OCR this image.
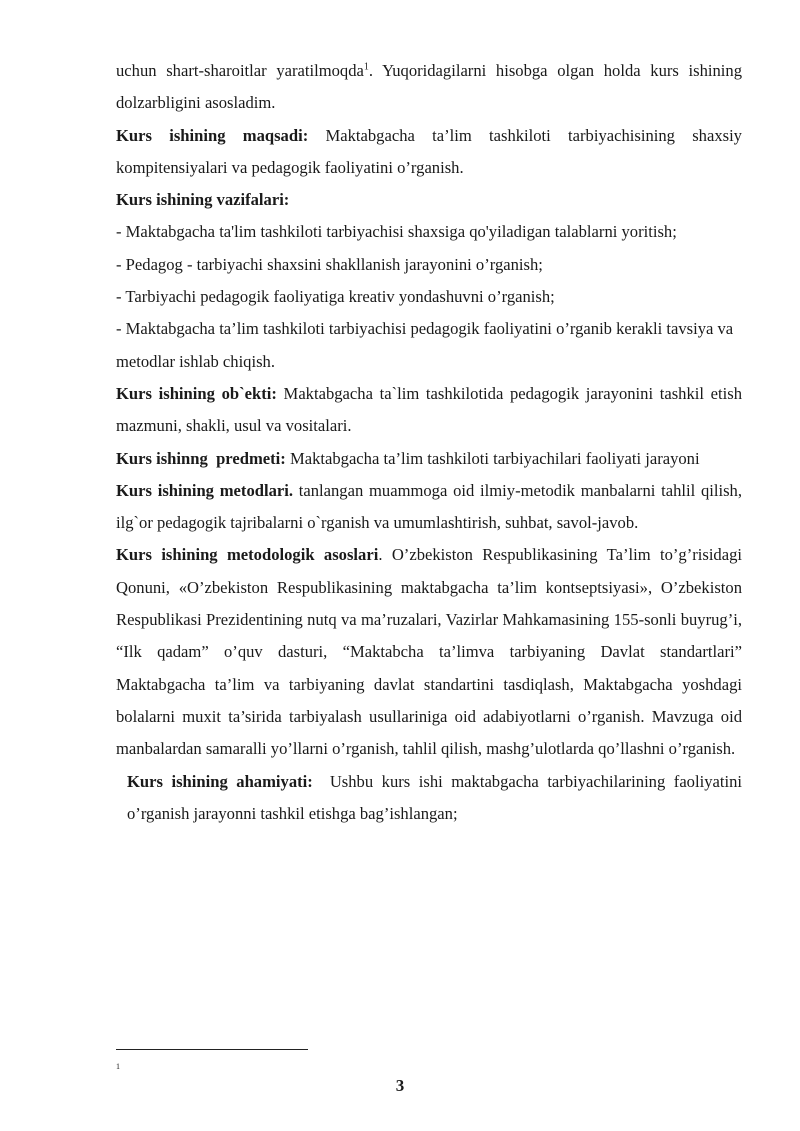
uchun shart-sharoitlar yaratilmoqda$^1$. Yuqoridagilarni hisobga olgan holda kurs ishining dolzarbligini asosladim.

Kurs ishining maqsadi: Maktabgacha ta’lim tashkiloti tarbiyachisining shaxsiy kompitensiyalari va pedagogik faoliyatini o’rganish.

Kurs ishining vazifalari:

- Maktabgacha ta'lim tashkiloti tarbiyachisi shaxsiga qo'yiladigan talablarni yoritish;

- Pedagog - tarbiyachi shaxsini shakllanish jarayonini o’rganish;

- Tarbiyachi pedagogik faoliyatiga kreativ yondashuvni o’rganish;

- Maktabgacha ta’lim tashkiloti tarbiyachisi pedagogik faoliyatini o’rganib kerakli tavsiya va metodlar ishlab chiqish.

Kurs ishining ob`ekti: Maktabgacha ta`lim tashkilotida pedagogik jarayonini tashkil etish mazmuni, shakli, usul va vositalari.

Kurs ishinng  predmeti: Maktabgacha ta’lim tashkiloti tarbiyachilari faoliyati jarayoni

Kurs ishining metodlari. tanlangan muammoga oid ilmiy-metodik manbalarni tahlil qilish, ilg`or pedagogik tajribalarni o`rganish va umumlashtirish, suhbat, savol-javob.

Kurs ishining metodologik asoslari. O’zbekiston Respublikasining Ta’lim to’g’risidagi Qonuni, «O’zbekiston Respublikasining maktabgacha ta’lim kontseptsiyasi», O’zbekiston Respublikasi Prezidentining nutq va ma’ruzalari, Vazirlar Mahkamasining 155-sonli buyrug’i, “Ilk qadam” o’quv dasturi, “Maktabcha ta’limva tarbiyaning Davlat standartlari” Maktabgacha ta’lim va tarbiyaning davlat standartini tasdiqlash, Maktabgacha yoshdagi bolalarni muxit ta’sirida tarbiyalash usullariniga oid adabiyotlarni o’rganish. Mavzuga oid manbalardan samaralli yo’llarni o’rganish, tahlil qilish, mashg’ulotlarda qo’llashni o’rganish.

Kurs ishining ahamiyati:  Ushbu kurs ishi maktabgacha tarbiyachilarining faoliyatini o’rganish jarayonni tashkil etishga bag’ishlangan;

1
3
